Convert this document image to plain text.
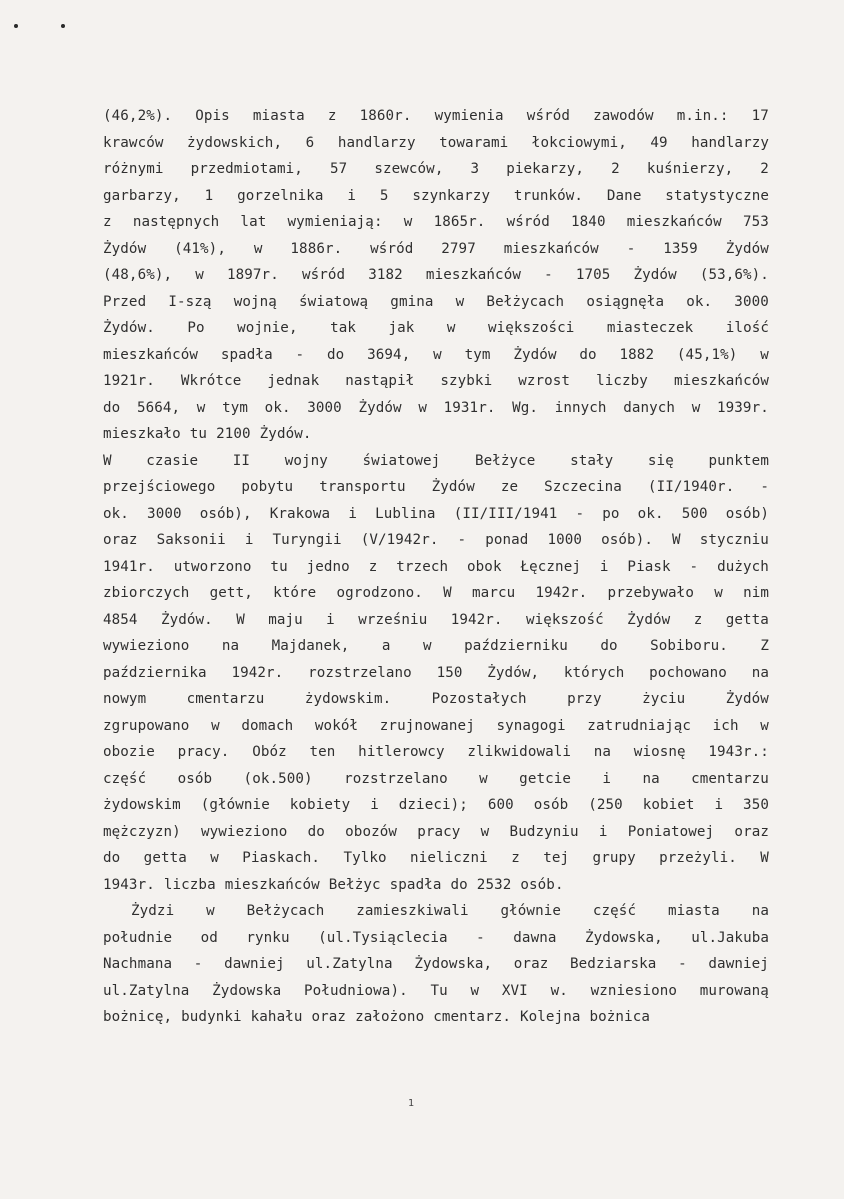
(46,2%). Opis miasta z 1860r. wymienia wśród zawodów m.in.: 17
krawców żydowskich, 6 handlarzy towarami łokciowymi, 49 handlarzy
różnymi przedmiotami, 57 szewców, 3 piekarzy, 2 kuśnierzy, 2
garbarzy, 1 gorzelnika i 5 szynkarzy trunków. Dane statystyczne
z następnych lat wymieniają: w 1865r. wśród 1840 mieszkańców 753
Żydów (41%), w 1886r. wśród 2797 mieszkańców - 1359 Żydów
(48,6%), w 1897r. wśród 3182 mieszkańców - 1705 Żydów (53,6%).
Przed I-szą wojną światową gmina w Bełżycach osiągnęła ok. 3000
Żydów. Po wojnie, tak jak w większości miasteczek ilość
mieszkańców spadła - do 3694, w tym Żydów do 1882 (45,1%) w
1921r. Wkrótce jednak nastąpił szybki wzrost liczby mieszkańców
do 5664, w tym ok. 3000 Żydów w 1931r. Wg. innych danych w 1939r.
mieszkało tu 2100 Żydów.
W czasie II wojny światowej Bełżyce stały się punktem
przejściowego pobytu transportu Żydów ze Szczecina (II/1940r. -
ok. 3000 osób), Krakowa i Lublina (II/III/1941 - po ok. 500 osób)
oraz Saksonii i Turyngii (V/1942r. - ponad 1000 osób). W styczniu
1941r. utworzono tu jedno z trzech obok Łęcznej i Piask - dużych
zbiorczych gett, które ogrodzono. W marcu 1942r. przebywało w nim
4854 Żydów. W maju i wrześniu 1942r. większość Żydów z getta
wywieziono na Majdanek, a w październiku do Sobiboru. Z
października 1942r. rozstrzelano 150 Żydów, których pochowano na
nowym	cmentarzu	żydowskim.	Pozostałych	przy	życiu	Żydów
zgrupowano w domach wokół zrujnowanej synagogi zatrudniając ich w
obozie pracy. Obóz ten hitlerowcy zlikwidowali na wiosnę 1943r.:
część osób (ok.500) rozstrzelano w getcie i na cmentarzu
żydowskim (głównie kobiety i dzieci); 600 osób (250 kobiet i 350
mężczyzn) wywieziono do obozów pracy w Budzyniu i Poniatowej oraz
do getta w Piaskach. Tylko nieliczni z tej grupy przeżyli. W
1943r. liczba mieszkańców Bełżyc spadła do 2532 osób.
Żydzi w Bełżycach zamieszkiwali głównie część miasta na
południe od rynku (ul.Tysiąclecia - dawna Żydowska, ul.Jakuba
Nachmana - dawniej ul.Zatylna Żydowska, oraz Bedziarska - dawniej
ul.Zatylna Żydowska Południowa). Tu w XVI w. wzniesiono murowaną
bożnicę, budynki kahału oraz założono cmentarz. Kolejna bożnica
1
